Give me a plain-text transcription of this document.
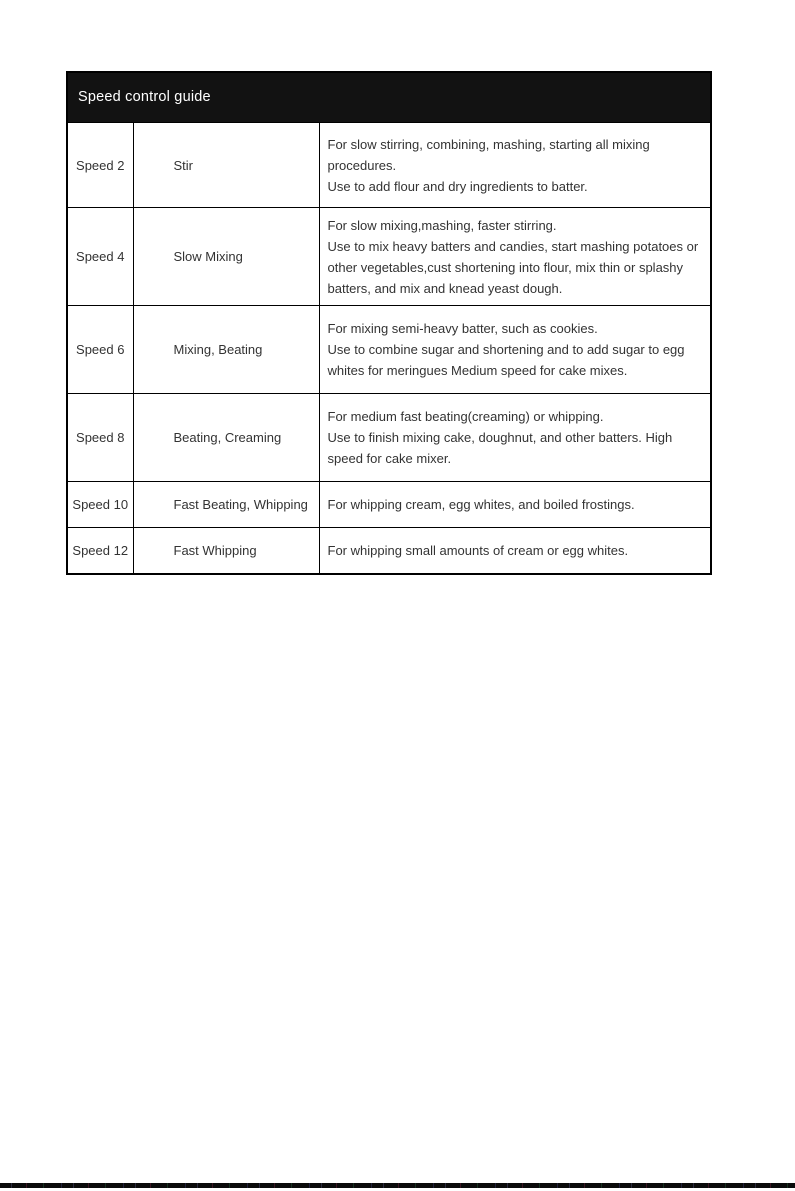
Speed control guide		
Speed 2	Stir	For slow stirring, combining, mashing, starting all mixing procedures.
Use to add flour and dry ingredients to batter.

Speed 4	Slow Mixing	For slow mixing,mashing, faster stirring.
Use to mix heavy batters and candies, start mashing potatoes or other vegetables,cust shortening into flour, mix thin or splashy batters, and mix and knead yeast dough.

Speed 6	Mixing, Beating	For mixing semi-heavy batter, such as cookies.
Use to combine sugar and shortening and to add sugar to egg whites for meringues Medium speed for cake mixes.

Speed 8	Beating, Creaming	For medium fast beating(creaming) or whipping.
Use to finish mixing cake, doughnut, and other batters. High speed for cake mixer.

Speed 10	Fast Beating, Whipping	For whipping cream, egg whites, and boiled frostings.

Speed 12	Fast Whipping	For whipping small amounts of cream or egg whites.
